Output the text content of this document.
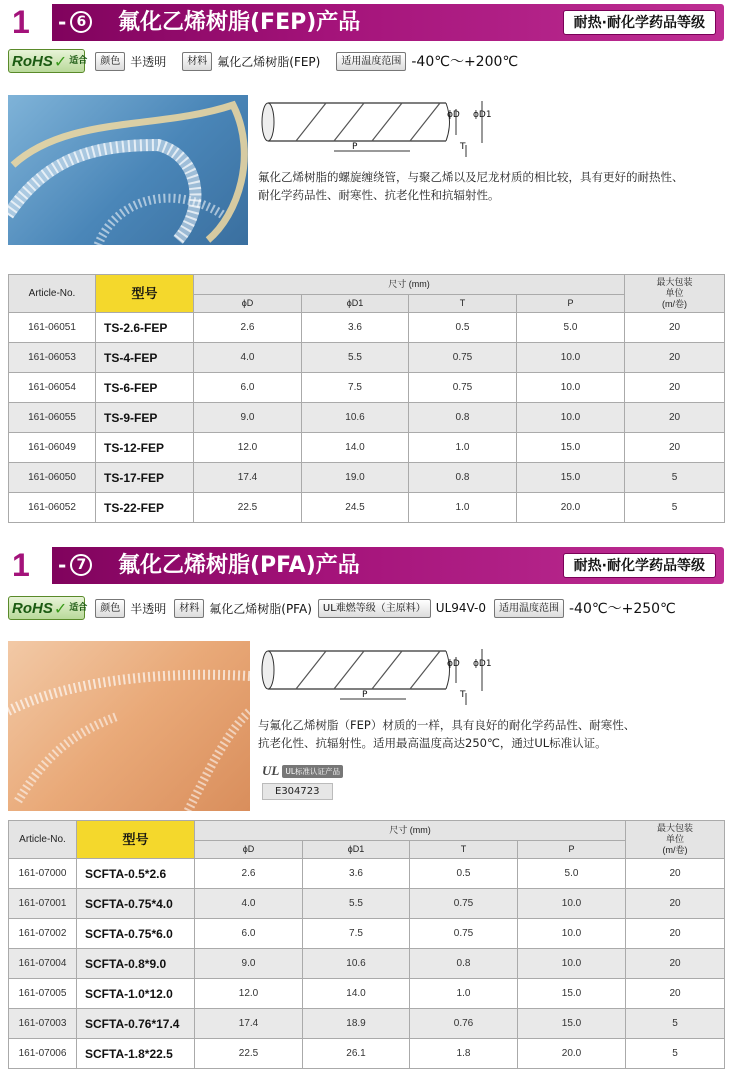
1	- 6	氟化乙烯树脂(FEP)产品	耐热·耐化学药品等级
RoHS ✓ 适合	颜色 半透明	材料 氟化乙烯树脂(FEP)	适用温度范围 -40℃～+200℃
ϕD ϕD1
P	T
氟化乙烯树脂的螺旋缠绕管，与聚乙烯以及尼龙材质的相比较，具有更好的耐热性、
耐化学药品性、耐寒性、抗老化性和抗辐射性。
Article-No.	型号	尺寸 (mm)				最大包装
单位
(m/卷)

		ϕD	ϕD1	T	P	
161-06051	TS-2.6-FEP	2.6	3.6	0.5	5.0	20
161-06053	TS-4-FEP	4.0	5.5	0.75	10.0	20
161-06054	TS-6-FEP	6.0	7.5	0.75	10.0	20
161-06055	TS-9-FEP	9.0	10.6	0.8	10.0	20
161-06049	TS-12-FEP	12.0	14.0	1.0	15.0	20
161-06050	TS-17-FEP	17.4	19.0	0.8	15.0	5
161-06052	TS-22-FEP	22.5	24.5	1.0	20.0	5
1	- 7	氟化乙烯树脂(PFA)产品	耐热·耐化学药品等级
RoHS ✓ 适合	颜色 半透明	材料 氟化乙烯树脂(PFA)	UL难燃等级（主原料） UL94V-0	适用温度范围 -40℃～+250℃
ϕD ϕD1
P	T
与氟化乙烯树脂（FEP）材质的一样，具有良好的耐化学药品性、耐寒性、
抗老化性、抗辐射性。适用最高温度高达250℃，通过UL标准认证。
UL UL标准认证产品
E304723
Article-No.	型号	尺寸 (mm)				最大包装
单位
(m/卷)

		ϕD	ϕD1	T	P	
161-07000	SCFTA-0.5*2.6	2.6	3.6	0.5	5.0	20
161-07001	SCFTA-0.75*4.0	4.0	5.5	0.75	10.0	20
161-07002	SCFTA-0.75*6.0	6.0	7.5	0.75	10.0	20
161-07004	SCFTA-0.8*9.0	9.0	10.6	0.8	10.0	20
161-07005	SCFTA-1.0*12.0	12.0	14.0	1.0	15.0	20
161-07003	SCFTA-0.76*17.4	17.4	18.9	0.76	15.0	5
161-07006	SCFTA-1.8*22.5	22.5	26.1	1.8	20.0	5
